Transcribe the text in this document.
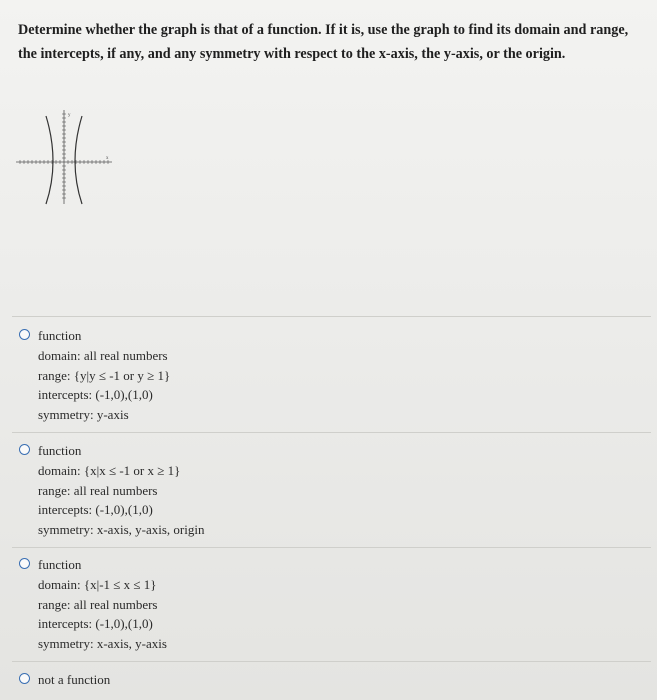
Determine whether the graph is that of a function. If it is, use the graph to find its domain and range, the intercepts, if any, and any symmetry with respect to the x-axis, the y-axis, or the origin.
y
x
function
domain: all real numbers
range: {y|y ≤ -1 or y ≥ 1}
intercepts: (-1,0),(1,0)
symmetry: y-axis
function
domain: {x|x ≤ -1 or x ≥ 1}
range: all real numbers
intercepts: (-1,0),(1,0)
symmetry: x-axis, y-axis, origin
function
domain: {x|-1 ≤ x ≤ 1}
range: all real numbers
intercepts: (-1,0),(1,0)
symmetry: x-axis, y-axis
not a function
